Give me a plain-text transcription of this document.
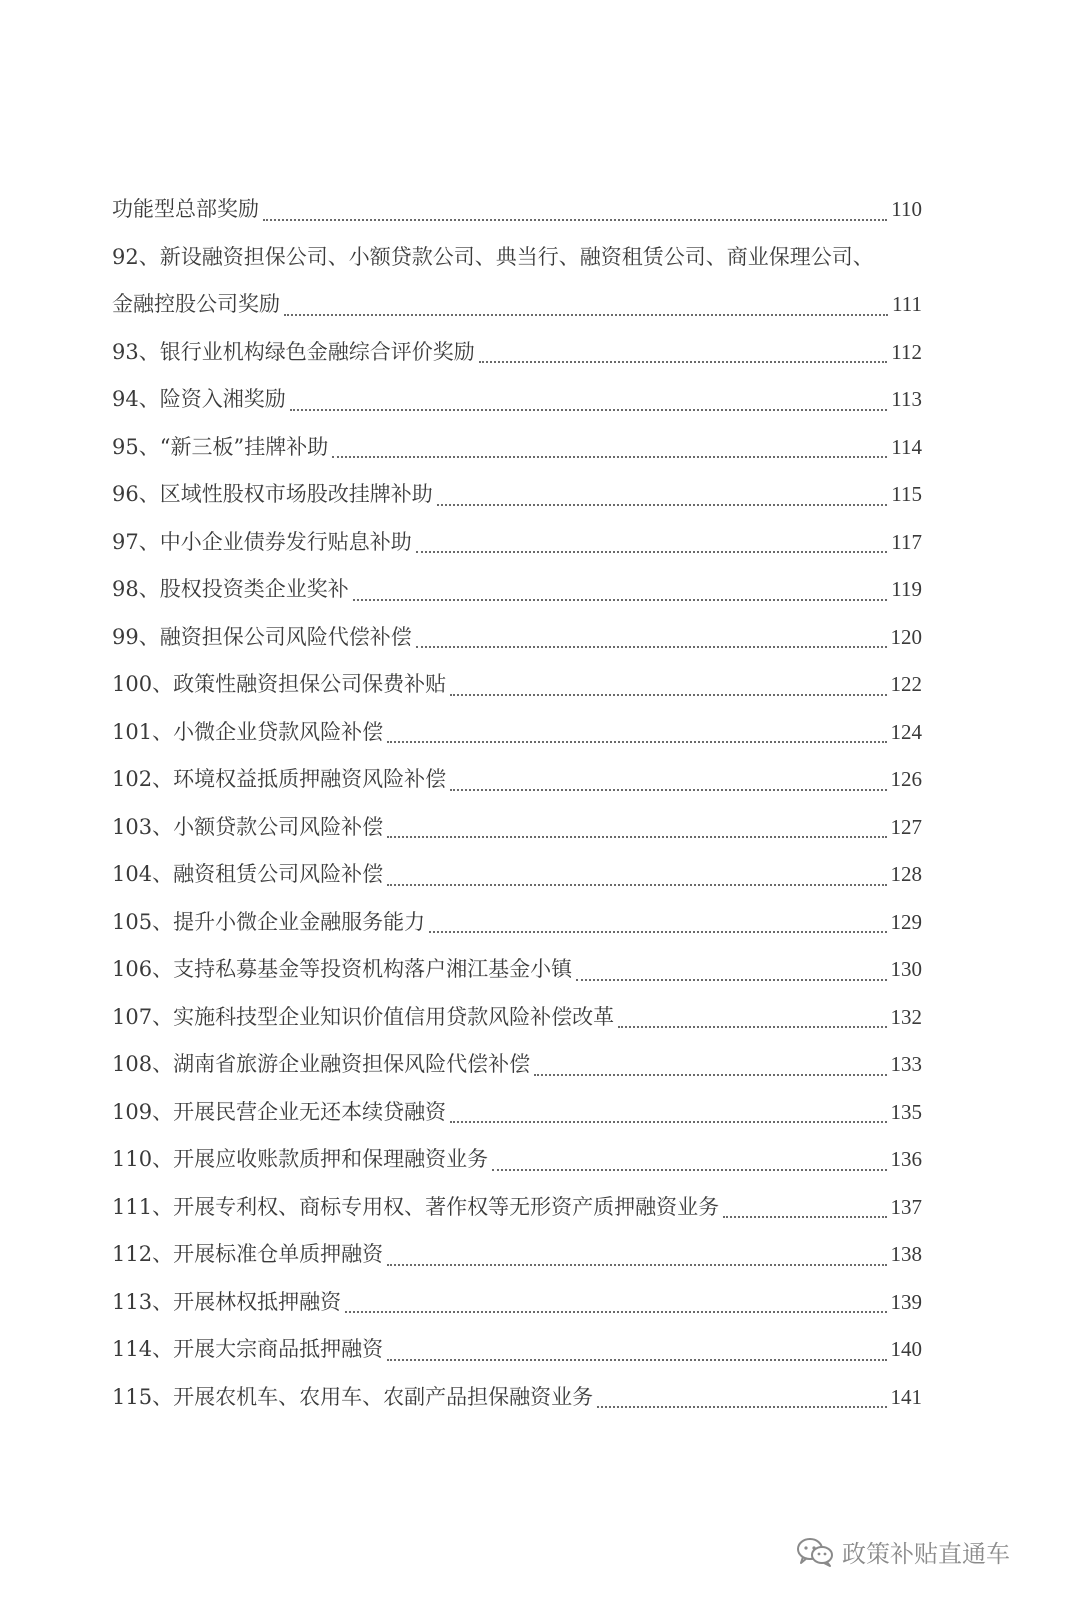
功能型总部奖励	110
92、新设融资担保公司、小额贷款公司、典当行、融资租赁公司、商业保理公司、
金融控股公司奖励	111
93、银行业机构绿色金融综合评价奖励	112
94、险资入湘奖励	113
95、“新三板”挂牌补助	114
96、区域性股权市场股改挂牌补助	115
97、中小企业债券发行贴息补助	117
98、股权投资类企业奖补	119
99、融资担保公司风险代偿补偿	120
100、政策性融资担保公司保费补贴	122
101、小微企业贷款风险补偿	124
102、环境权益抵质押融资风险补偿	126
103、小额贷款公司风险补偿	127
104、融资租赁公司风险补偿	128
105、提升小微企业金融服务能力	129
106、支持私募基金等投资机构落户湘江基金小镇	130
107、实施科技型企业知识价值信用贷款风险补偿改革	132
108、湖南省旅游企业融资担保风险代偿补偿	133
109、开展民营企业无还本续贷融资	135
110、开展应收账款质押和保理融资业务	136
111、开展专利权、商标专用权、著作权等无形资产质押融资业务	137
112、开展标准仓单质押融资	138
113、开展林权抵押融资	139
114、开展大宗商品抵押融资	140
115、开展农机车、农用车、农副产品担保融资业务	141
政策补贴直通车
